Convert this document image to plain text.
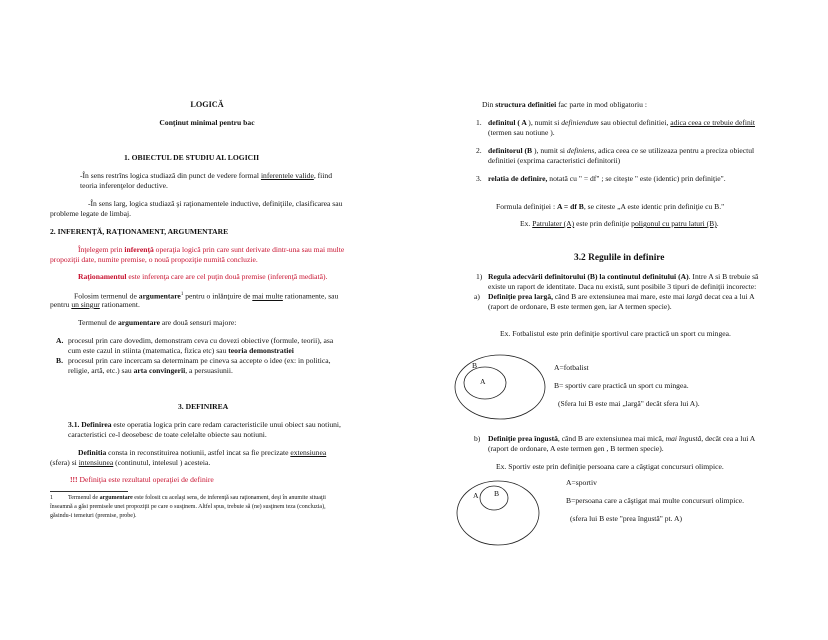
LOGICĂ
Conţinut minimal pentru bac
1. OBIECTUL DE STUDIU AL LOGICII
-În sens restrîns logica studiază din punct de vedere formal inferentele valide, fiind
teoria inferenţelor deductive.
-În sens larg, logica studiază şi raţionamentele inductive, definiţiile, clasificarea sau
probleme legate de limbaj.
2. INFERENŢĂ, RAŢIONAMENT, ARGUMENTARE
Înţelegem prin inferenţă operaţia logică prin care sunt derivate dintr-una sau mai multe
propoziţii date, numite premise, o nouă propoziţie numită concluzie.
Raţionamentul este inferenţa care are cel puţin două premise (inferenţă mediată).
Folosim termenul de argumentare$^1$ pentru o inlănţuire de mai multe rationamente, sau
pentru un singur rationament.
Termenul de argumentare are două sensuri majore:
A. procesul prin care dovedim, demonstram ceva cu dovezi obiective (formule, teorii), asa
cum este cazul in stiinta (matematica, fizica etc) sau teoria demonstratiei
B. procesul prin care incercam sa determinam pe cineva sa accepte o idee (ex: in politica,
religie, artă, etc.) sau arta convingerii, a persuasiunii.
3. DEFINIREA
3.1. Definirea este operatia logica prin care redam caracteristicile unui obiect sau notiuni,
caracteristici ce-l deosebesc de toate celelalte obiecte sau notiuni.
Definitia consta in reconstituirea notiunii, astfel incat sa fie precizate extensiunea
(sfera) si intensiunea (continutul, intelesul ) acesteia.
!!! Definiţia este rezultatul operaţiei de definire
1	Termenul de argumentare este folosit cu acelaşi sens, de inferenţă sau raţionament, deşi în anumite situaţii
înseamnă a găsi premisele unei propoziţii pe care o susţinem. Altfel spus, trebuie să (ne) susţinem teza (concluzia),
găsindu-i temeiuri (premise, probe).
Din structura definitiei fac parte in mod obligatoriu :
1. definitul ( A ), numit si definiendum sau obiectul definitiei, adica ceea ce trebuie definit
(termen sau notiune ).
2. definitorul (B ), numit si definiens, adica ceea ce se utilizeaza pentru a preciza obiectul
definitiei (exprima caracteristici definitorii)
3. relatia de definire, notată cu " = df" ; se citeşte " este (identic) prin definiţie".
Formula definiţiei : A = df B, se citeste „A este identic prin definiţie cu B."
Ex. Patrulater (A) este prin definiţie poligonul cu patru laturi (B).
3.2 Regulile in definire
1) Regula adecvării definitorului (B) la continutul definitului (A). Intre A si B trebuie să
existe un raport de identitate. Daca nu există, sunt posibile 3 tipuri de definiţii incorecte:
a) Definiţie prea largă, când B are extensiunea mai mare, este mai largă decat cea a lui A
(raport de ordonare, B este termen gen, iar A termen specie).
Ex. Fotbalistul este prin definiţie sportivul care practică un sport cu mingea.
B
A
A=fotbalist
B= sportiv care practică un sport cu mingea.
(Sfera lui B este mai „largă" decât sfera lui A).
b) Definiţie prea îngustă, când B are extensiunea mai mică, mai îngustă, decât cea a lui A
(raport de ordonare, A este termen gen , B termen specie).
Ex. Sportiv este prin definiţie persoana care a câştigat concursuri olimpice.
A B
A=sportiv
B=persoana care a câştigat mai multe concursuri olimpice.
(sfera lui B este "prea îngustă" pt. A)
